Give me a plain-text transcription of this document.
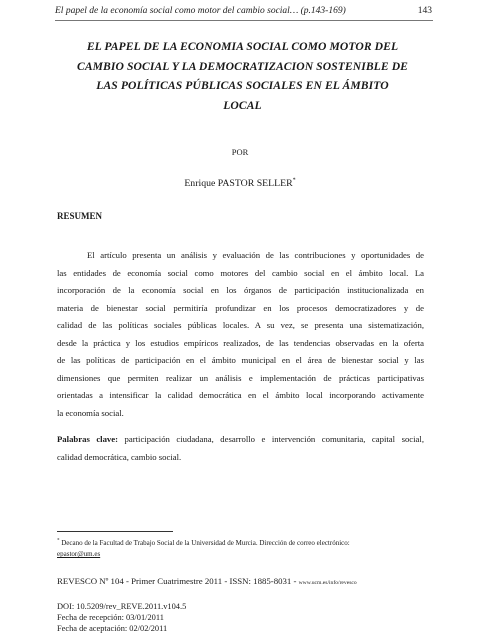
El papel de la economía social como motor del cambio social… (p.143-169)	143
EL PAPEL DE LA ECONOMIA SOCIAL COMO MOTOR DEL
CAMBIO SOCIAL Y LA DEMOCRATIZACION SOSTENIBLE DE
LAS POLÍTICAS PÚBLICAS SOCIALES EN EL ÁMBITO
LOCAL
POR
Enrique PASTOR SELLER*
RESUMEN
El artículo presenta un análisis y evaluación de las contribuciones y oportunidades de
las entidades de economía social como motores del cambio social en el ámbito local. La
incorporación de la economía social en los órganos de participación institucionalizada en
materia de bienestar social permitiría profundizar en los procesos democratizadores y de
calidad de las políticas sociales públicas locales. A su vez, se presenta una sistematización,
desde la práctica y los estudios empíricos realizados, de las tendencias observadas en la oferta
de las políticas de participación en el ámbito municipal en el área de bienestar social y las
dimensiones que permiten realizar un análisis e implementación de prácticas participativas
orientadas a intensificar la calidad democrática en el ámbito local incorporando activamente
la economía social.
Palabras clave: participación ciudadana, desarrollo e intervención comunitaria, capital social,
calidad democrática, cambio social.
* Decano de la Facultad de Trabajo Social de la Universidad de Murcia. Dirección de correo electrónico:
epastor@um.es
REVESCO Nº 104 - Primer Cuatrimestre 2011 - ISSN: 1885-8031 - www.ucm.es/info/revesco
DOI: 10.5209/rev_REVE.2011.v104.5
Fecha de recepción: 03/01/2011
Fecha de aceptación: 02/02/2011
